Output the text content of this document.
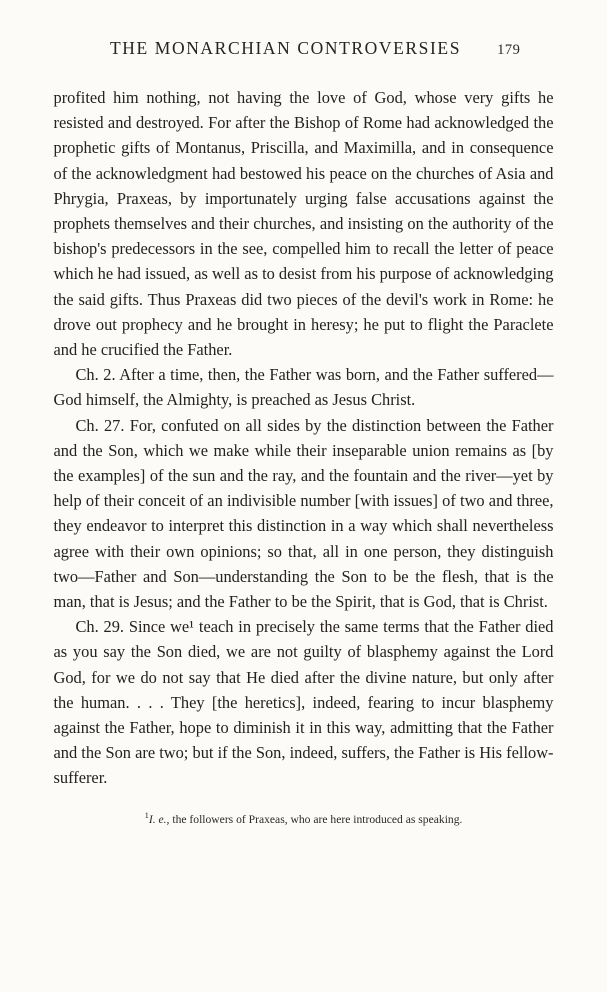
THE MONARCHIAN CONTROVERSIES 179

profited him nothing, not having the love of God, whose very gifts he resisted and destroyed. For after the Bishop of Rome had acknowledged the prophetic gifts of Montanus, Priscilla, and Maximilla, and in consequence of the acknowledgment had bestowed his peace on the churches of Asia and Phrygia, Praxeas, by importunately urging false accusations against the prophets themselves and their churches, and insisting on the authority of the bishop's predecessors in the see, compelled him to recall the letter of peace which he had issued, as well as to desist from his purpose of acknowledging the said gifts. Thus Praxeas did two pieces of the devil's work in Rome: he drove out prophecy and he brought in heresy; he put to flight the Paraclete and he crucified the Father.

Ch. 2. After a time, then, the Father was born, and the Father suffered—God himself, the Almighty, is preached as Jesus Christ.

Ch. 27. For, confuted on all sides by the distinction between the Father and the Son, which we make while their inseparable union remains as [by the examples] of the sun and the ray, and the fountain and the river—yet by help of their conceit of an indivisible number [with issues] of two and three, they endeavor to interpret this distinction in a way which shall nevertheless agree with their own opinions; so that, all in one person, they distinguish two—Father and Son—understanding the Son to be the flesh, that is the man, that is Jesus; and the Father to be the Spirit, that is God, that is Christ.

Ch. 29. Since we¹ teach in precisely the same terms that the Father died as you say the Son died, we are not guilty of blasphemy against the Lord God, for we do not say that He died after the divine nature, but only after the human. . . . They [the heretics], indeed, fearing to incur blasphemy against the Father, hope to diminish it in this way, admitting that the Father and the Son are two; but if the Son, indeed, suffers, the Father is His fellow-sufferer.

$^1$I. e., the followers of Praxeas, who are here introduced as speaking.
